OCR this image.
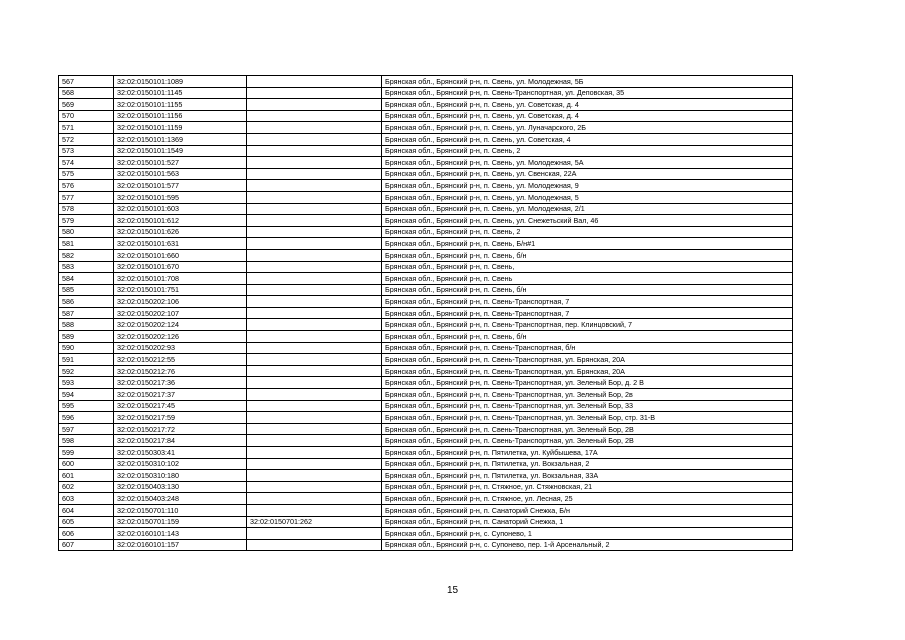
567	32:02:0150101:1089		Брянская обл., Брянский р-н, п. Свень, ул. Молодежная, 5Б
568	32:02:0150101:1145		Брянская обл., Брянский р-н, п. Свень-Транспортная, ул. Деповская, 35
569	32:02:0150101:1155		Брянская обл., Брянский р-н, п. Свень, ул. Советская, д. 4
570	32:02:0150101:1156		Брянская обл., Брянский р-н, п. Свень, ул. Советская, д. 4
571	32:02:0150101:1159		Брянская обл., Брянский р-н, п. Свень, ул. Луначарского, 2Б
572	32:02:0150101:1369		Брянская обл., Брянский р-н, п. Свень, ул. Советская, 4
573	32:02:0150101:1549		Брянская обл., Брянский р-н, п. Свень, 2
574	32:02:0150101:527		Брянская обл., Брянский р-н, п. Свень, ул. Молодежная, 5А
575	32:02:0150101:563		Брянская обл., Брянский р-н, п. Свень, ул. Свенская, 22А
576	32:02:0150101:577		Брянская обл., Брянский р-н, п. Свень, ул. Молодежная, 9
577	32:02:0150101:595		Брянская обл., Брянский р-н, п. Свень, ул. Молодежная, 5
578	32:02:0150101:603		Брянская обл., Брянский р-н, п. Свень, ул. Молодежная, 2/1
579	32:02:0150101:612		Брянская обл., Брянский р-н, п. Свень, ул. Снежетьский Вал, 46
580	32:02:0150101:626		Брянская обл., Брянский р-н, п. Свень, 2
581	32:02:0150101:631		Брянская обл., Брянский р-н, п. Свень, Б/н#1
582	32:02:0150101:660		Брянская обл., Брянский р-н, п. Свень, б/н
583	32:02:0150101:670		Брянская обл., Брянский р-н, п. Свень,
584	32:02:0150101:708		Брянская обл., Брянский р-н, п. Свень
585	32:02:0150101:751		Брянская обл., Брянский р-н, п. Свень, б/н
586	32:02:0150202:106		Брянская обл., Брянский р-н, п. Свень-Транспортная, 7
587	32:02:0150202:107		Брянская обл., Брянский р-н, п. Свень-Транспортная, 7
588	32:02:0150202:124		Брянская обл., Брянский р-н, п. Свень-Транспортная, пер. Клинцовский, 7
589	32:02:0150202:126		Брянская обл., Брянский р-н, п. Свень, б/н
590	32:02:0150202:93		Брянская обл., Брянский р-н, п. Свень-Транспортная, б/н
591	32:02:0150212:55		Брянская обл., Брянский р-н, п. Свень-Транспортная, ул. Брянская, 20А
592	32:02:0150212:76		Брянская обл., Брянский р-н, п. Свень-Транспортная, ул. Брянская, 20А
593	32:02:0150217:36		Брянская обл., Брянский р-н, п. Свень-Транспортная, ул. Зеленый Бор, д. 2 В
594	32:02:0150217:37		Брянская обл., Брянский р-н, п. Свень-Транспортная, ул. Зеленый Бор, 2в
595	32:02:0150217:45		Брянская обл., Брянский р-н, п. Свень-Транспортная, ул. Зеленый Бор, 33
596	32:02:0150217:59		Брянская обл., Брянский р-н, п. Свень-Транспортная, ул. Зеленый Бор, стр. 31-В
597	32:02:0150217:72		Брянская обл., Брянский р-н, п. Свень-Транспортная, ул. Зеленый Бор, 2В
598	32:02:0150217:84		Брянская обл., Брянский р-н, п. Свень-Транспортная, ул. Зеленый Бор, 2В
599	32:02:0150303:41		Брянская обл., Брянский р-н, п. Пятилетка, ул. Куйбышева, 17А
600	32:02:0150310:102		Брянская обл., Брянский р-н, п. Пятилетка, ул. Вокзальная, 2
601	32:02:0150310:180		Брянская обл., Брянский р-н, п. Пятилетка, ул. Вокзальная, 33А
602	32:02:0150403:130		Брянская обл., Брянский р-н, п. Стяжное, ул. Стяжновская, 21
603	32:02:0150403:248		Брянская обл., Брянский р-н, п. Стяжное, ул. Лесная, 25
604	32:02:0150701:110		Брянская обл., Брянский р-н, п. Санаторий Снежка, Б/н
605	32:02:0150701:159	32:02:0150701:262	Брянская обл., Брянский р-н, п. Санаторий Снежка, 1
606	32:02:0160101:143		Брянская обл., Брянский р-н, с. Супонево, 1
607	32:02:0160101:157		Брянская обл., Брянский р-н, с. Супонево, пер. 1-й Арсенальный, 2
15
